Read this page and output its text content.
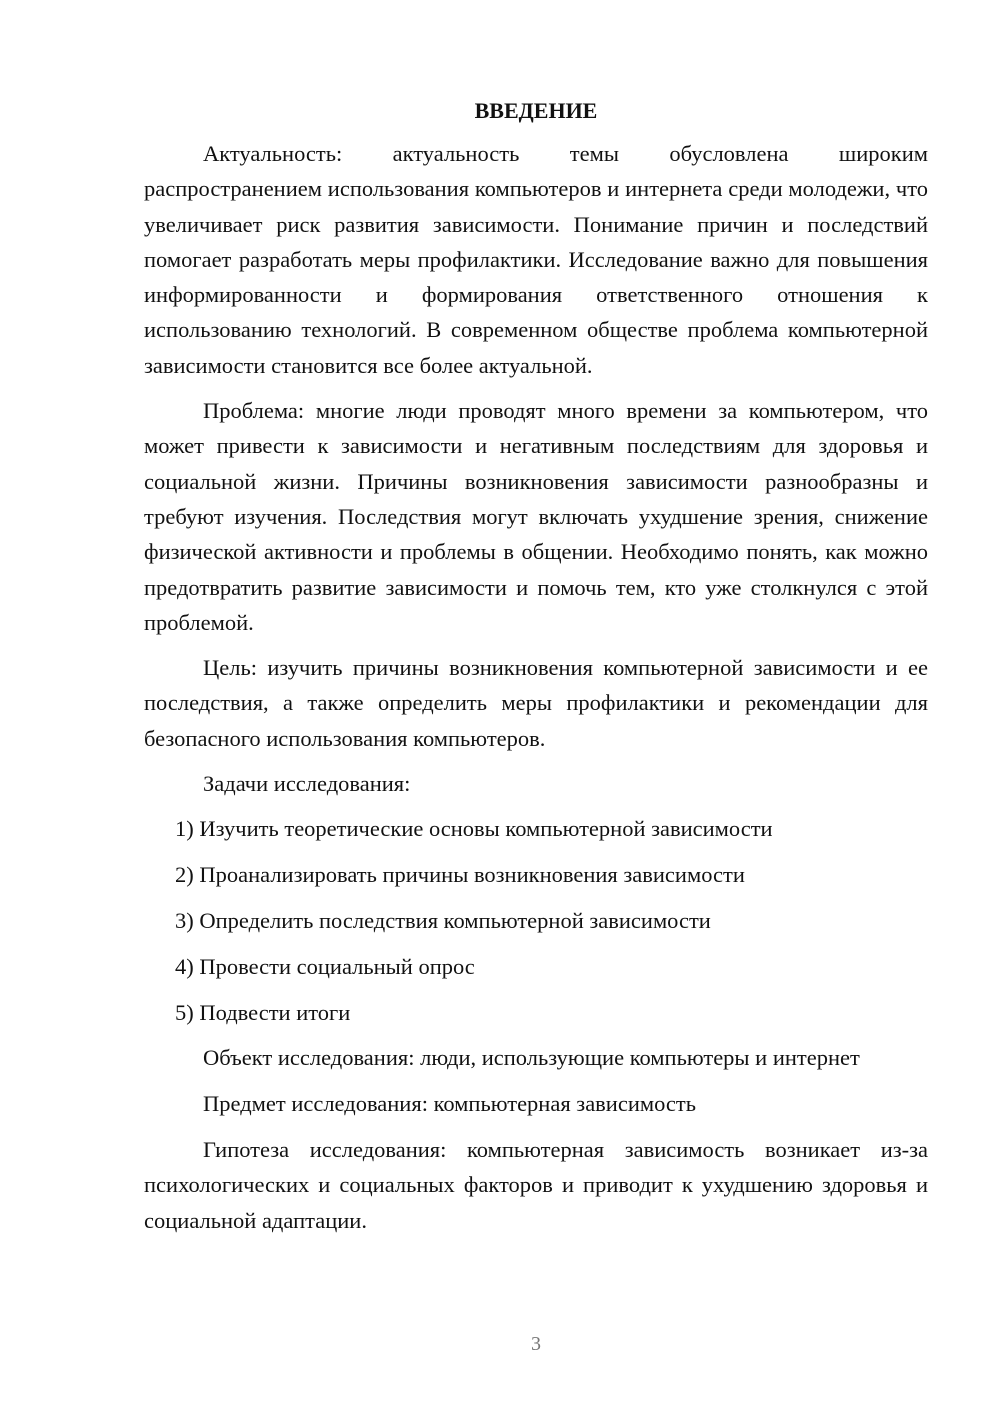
ВВЕДЕНИЕ

Актуальность: актуальность темы обусловлена широким распространением использования компьютеров и интернета среди молодежи, что увеличивает риск развития зависимости. Понимание причин и последствий помогает разработать меры профилактики. Исследование важно для повышения информированности и формирования ответственного отношения к использованию технологий. В современном обществе проблема компьютерной зависимости становится все более актуальной.

Проблема: многие люди проводят много времени за компьютером, что может привести к зависимости и негативным последствиям для здоровья и социальной жизни. Причины возникновения зависимости разнообразны и требуют изучения. Последствия могут включать ухудшение зрения, снижение физической активности и проблемы в общении. Необходимо понять, как можно предотвратить развитие зависимости и помочь тем, кто уже столкнулся с этой проблемой.

Цель: изучить причины возникновения компьютерной зависимости и ее последствия, а также определить меры профилактики и рекомендации для безопасного использования компьютеров.

Задачи исследования:

1) Изучить теоретические основы компьютерной зависимости
2) Проанализировать причины возникновения зависимости
3) Определить последствия компьютерной зависимости
4) Провести социальный опрос
5) Подвести итоги

Объект исследования: люди, использующие компьютеры и интернет

Предмет исследования: компьютерная зависимость

Гипотеза исследования: компьютерная зависимость возникает из-за психологических и социальных факторов и приводит к ухудшению здоровья и социальной адаптации.

3
